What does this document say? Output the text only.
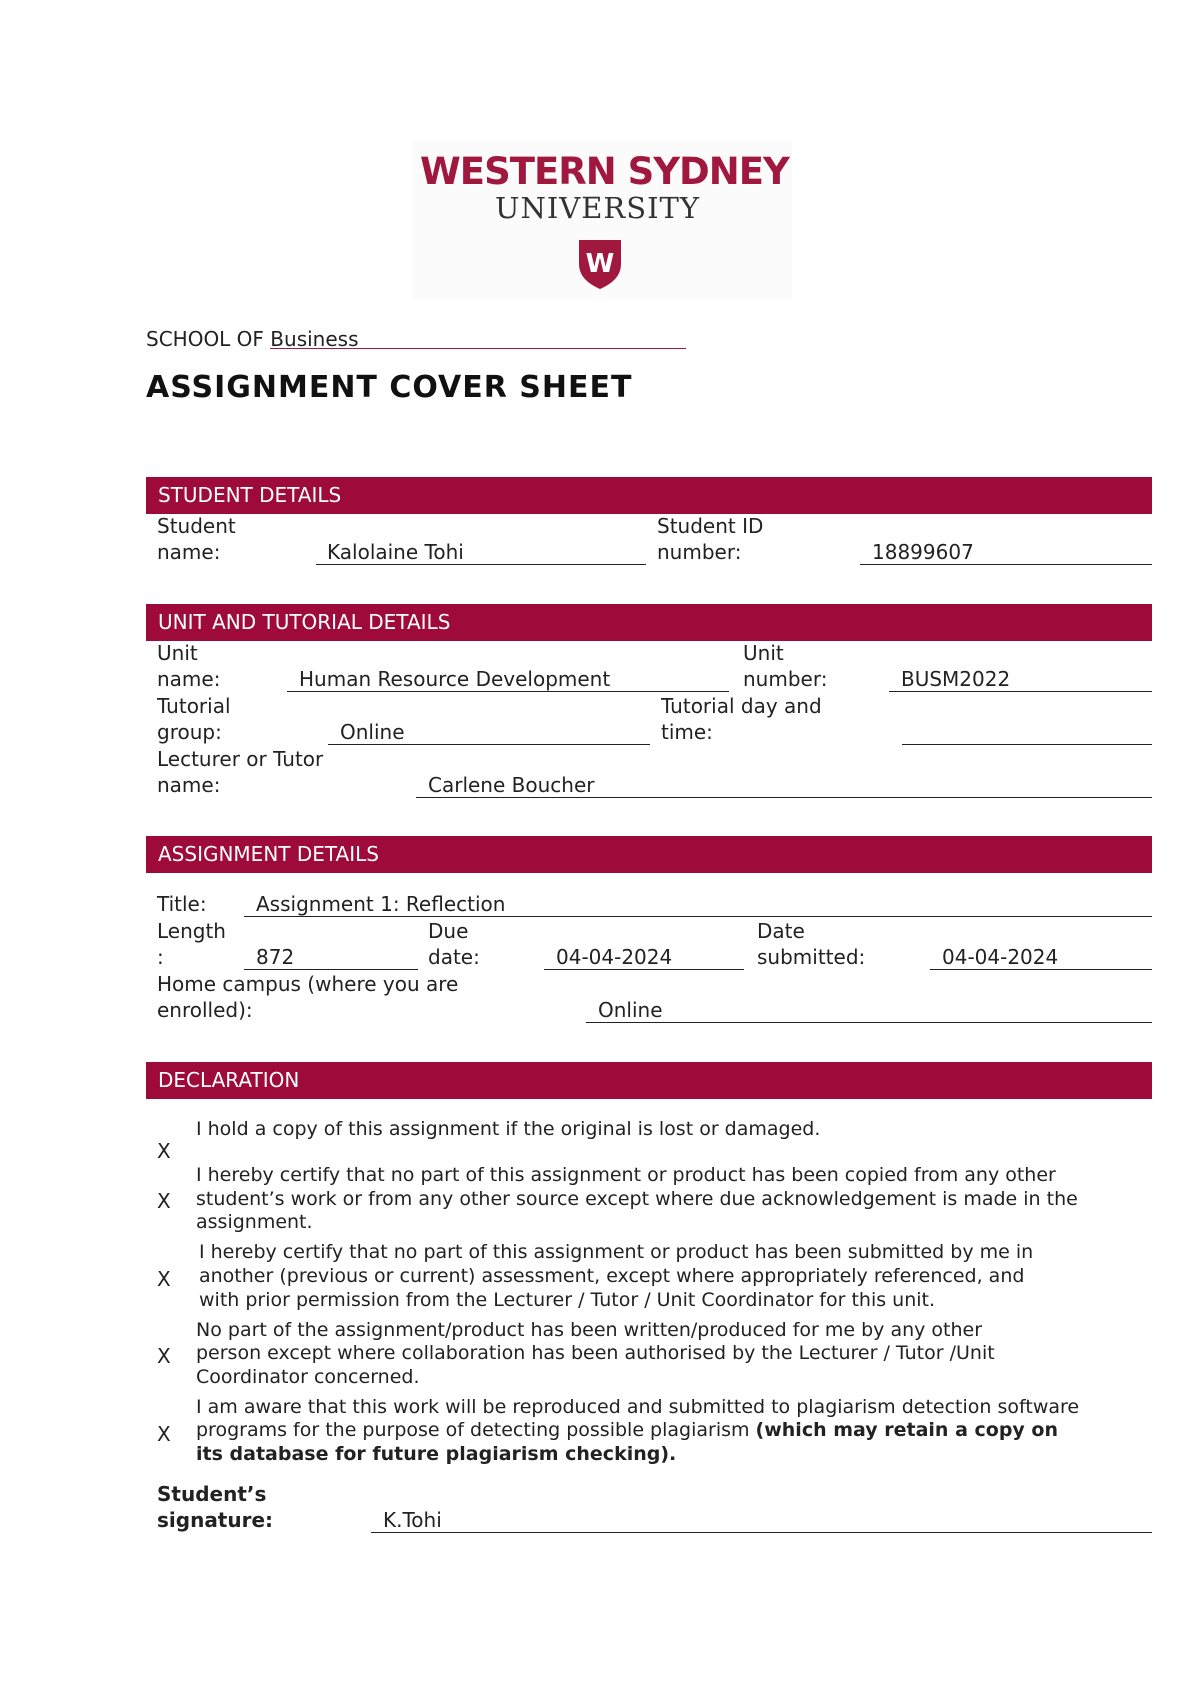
WESTERN SYDNEY
UNIVERSITY
W
SCHOOL OF Business
ASSIGNMENT COVER SHEET
STUDENT DETAILS
Student
name:	Kalolaine Tohi
Student ID
number:	18899607
UNIT AND TUTORIAL DETAILS
Unit
name:	Human Resource Development
Unit
number:	BUSM2022
Tutorial
group:	Online
Tutorial day and
time:
Lecturer or Tutor
name:	Carlene Boucher
ASSIGNMENT DETAILS
Title: Assignment 1: Reflection
Length
:	872
Due
date:	04-04-2024
Date
submitted:	04-04-2024
Home campus (where you are
enrolled):	Online
DECLARATION
X
I hold a copy of this assignment if the original is lost or damaged.
X
I hereby certify that no part of this assignment or product has been copied from any other
student’s work or from any other source except where due acknowledgement is made in the
assignment.
X
I hereby certify that no part of this assignment or product has been submitted by me in
another (previous or current) assessment, except where appropriately referenced, and
with prior permission from the Lecturer / Tutor / Unit Coordinator for this unit.
X
No part of the assignment/product has been written/produced for me by any other
person except where collaboration has been authorised by the Lecturer / Tutor /Unit
Coordinator concerned.
X
I am aware that this work will be reproduced and submitted to plagiarism detection software
programs for the purpose of detecting possible plagiarism (which may retain a copy on
its database for future plagiarism checking).
Student’s
signature:	K.Tohi
